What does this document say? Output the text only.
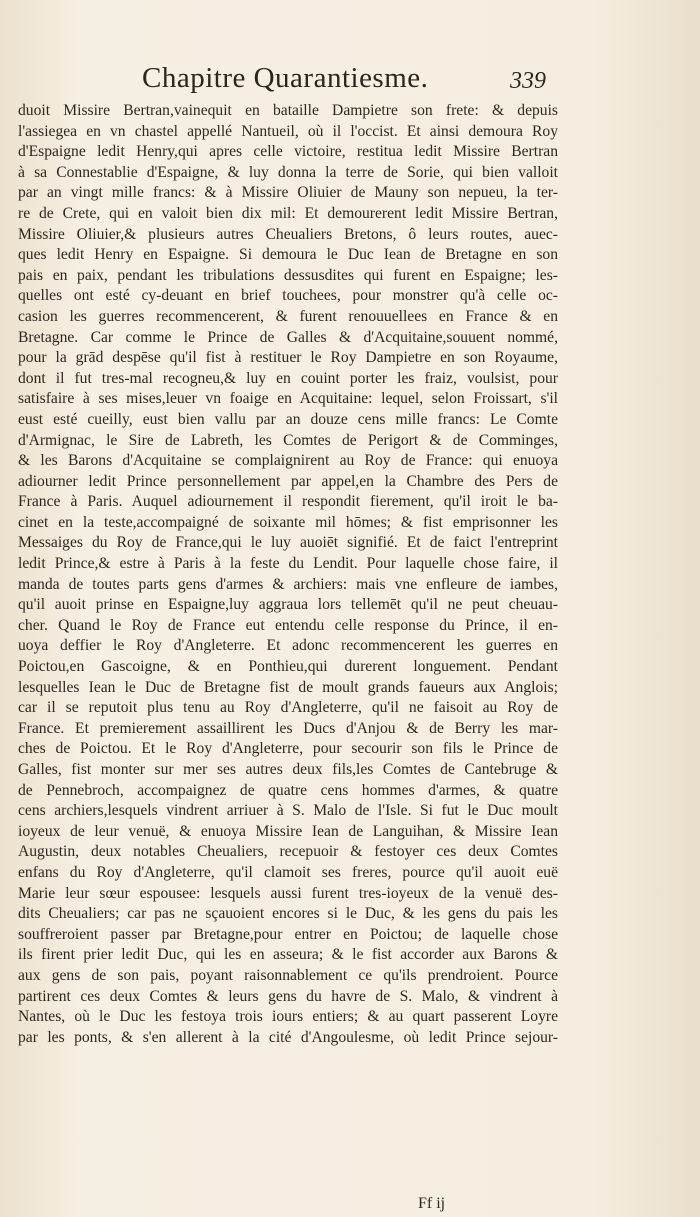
Chapitre Quarantiesme.	339
duoit Missire Bertran,vainequit en bataille Dampietre son frete: & depuis
l'assiegea en vn chastel appellé Nantueil, où il l'occist. Et ainsi demoura Roy
d'Espaigne ledit Henry,qui apres celle victoire, restitua ledit Missire Bertran
à sa Connestablie d'Espaigne, & luy donna la terre de Sorie, qui bien valloit
par an vingt mille francs: & à Missire Oliuier de Mauny son nepueu, la ter-
re de Crete, qui en valoit bien dix mil: Et demourerent ledit Missire Bertran,
Missire Oliuier,& plusieurs autres Cheualiers Bretons, ô leurs routes, auec-
ques ledit Henry en Espaigne. Si demoura le Duc Iean de Bretagne en son
pais en paix, pendant les tribulations dessusdites qui furent en Espaigne; les-
quelles ont esté cy-deuant en brief touchees, pour monstrer qu'à celle oc-
casion les guerres recommencerent, & furent renouuellees en France & en
Bretagne. Car comme le Prince de Galles & d'Acquitaine,souuent nommé,
pour la grād despēse qu'il fist à restituer le Roy Dampietre en son Royaume,
dont il fut tres-mal recogneu,& luy en couint porter les fraiz, voulsist, pour
satisfaire à ses mises,leuer vn foaige en Acquitaine: lequel, selon Froissart, s'il
eust esté cueilly, eust bien vallu par an douze cens mille francs: Le Comte
d'Armignac, le Sire de Labreth, les Comtes de Perigort & de Comminges,
& les Barons d'Acquitaine se complaignirent au Roy de France: qui enuoya
adiourner ledit Prince personnellement par appel,en la Chambre des Pers de
France à Paris. Auquel adiournement il respondit fierement, qu'il iroit le ba-
cinet en la teste,accompaigné de soixante mil hōmes; & fist emprisonner les
Messaiges du Roy de France,qui le luy auoiēt signifié. Et de faict l'entreprint
ledit Prince,& estre à Paris à la feste du Lendit. Pour laquelle chose faire, il
manda de toutes parts gens d'armes & archiers: mais vne enfleure de iambes,
qu'il auoit prinse en Espaigne,luy aggraua lors tellemēt qu'il ne peut cheuau-
cher. Quand le Roy de France eut entendu celle response du Prince, il en-
uoya deffier le Roy d'Angleterre. Et adonc recommencerent les guerres en
Poictou,en Gascoigne, & en Ponthieu,qui durerent longuement. Pendant
lesquelles Iean le Duc de Bretagne fist de moult grands faueurs aux Anglois;
car il se reputoit plus tenu au Roy d'Angleterre, qu'il ne faisoit au Roy de
France. Et premierement assaillirent les Ducs d'Anjou & de Berry les mar-
ches de Poictou. Et le Roy d'Angleterre, pour secourir son fils le Prince de
Galles, fist monter sur mer ses autres deux fils,les Comtes de Cantebruge &
de Pennebroch, accompaignez de quatre cens hommes d'armes, & quatre
cens archiers,lesquels vindrent arriuer à S. Malo de l'Isle. Si fut le Duc moult
ioyeux de leur venuë, & enuoya Missire Iean de Languihan, & Missire Iean
Augustin, deux notables Cheualiers, recepuoir & festoyer ces deux Comtes
enfans du Roy d'Angleterre, qu'il clamoit ses freres, pource qu'il auoit euë
Marie leur sœur espousee: lesquels aussi furent tres-ioyeux de la venuë des-
dits Cheualiers; car pas ne sçauoient encores si le Duc, & les gens du pais les
souffreroient passer par Bretagne,pour entrer en Poictou; de laquelle chose
ils firent prier ledit Duc, qui les en asseura; & le fist accorder aux Barons &
aux gens de son pais, poyant raisonnablement ce qu'ils prendroient. Pource
partirent ces deux Comtes & leurs gens du havre de S. Malo, & vindrent à
Nantes, où le Duc les festoya trois iours entiers; & au quart passerent Loyre
par les ponts, & s'en allerent à la cité d'Angoulesme, où ledit Prince sejour-
Ff ij
